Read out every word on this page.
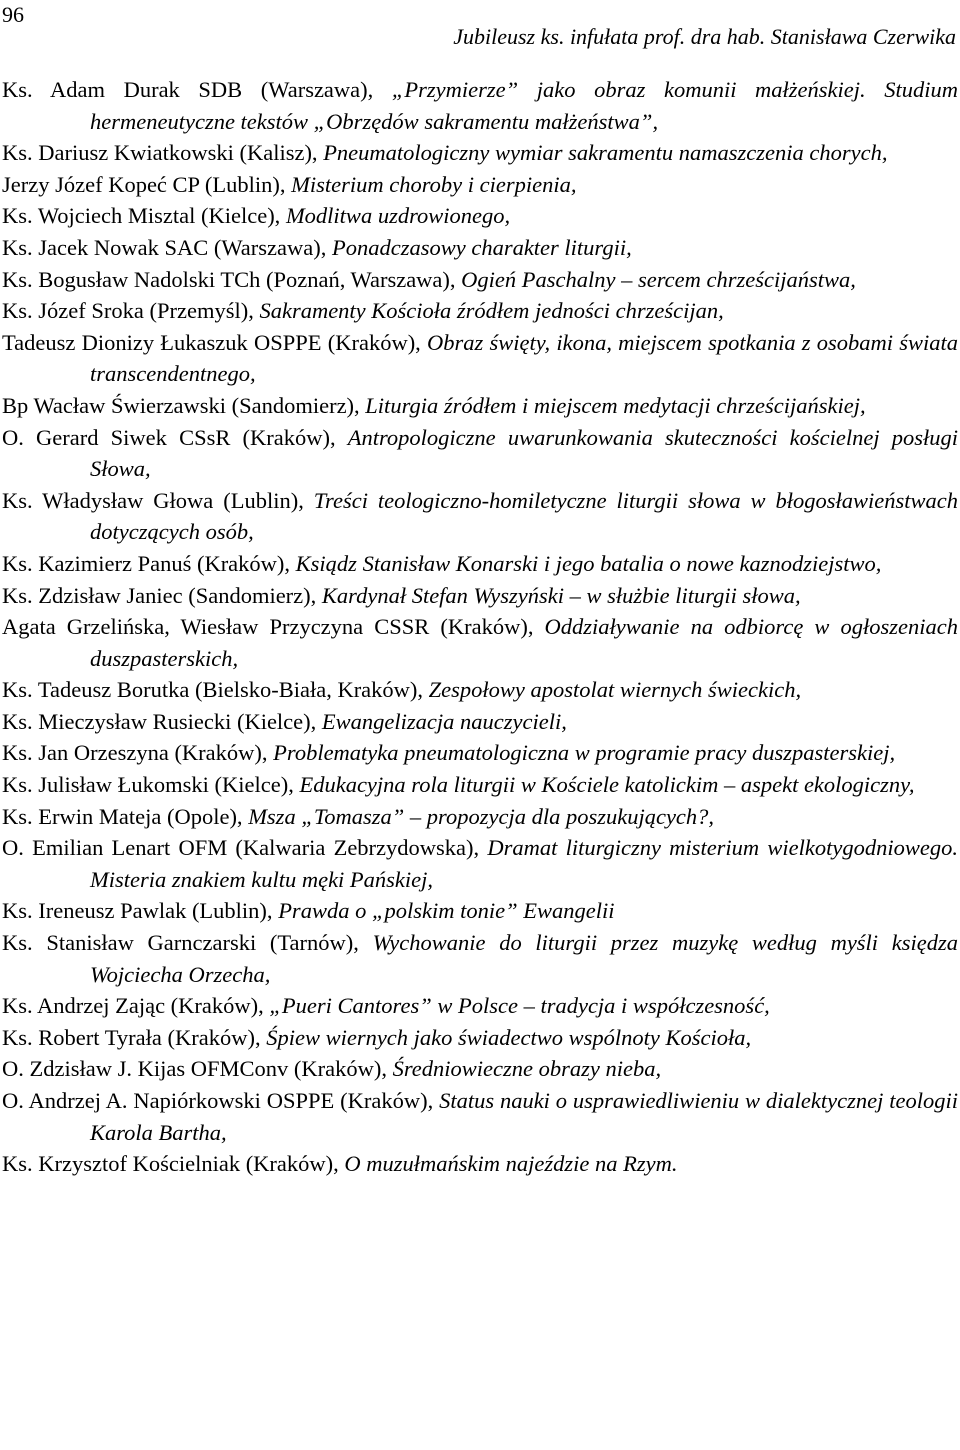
96
Jubileusz ks. infułata prof. dra hab. Stanisława Czerwika

Ks. Adam Durak SDB (Warszawa), „Przymierze” jako obraz komunii małżeńskiej. Studium hermeneutyczne tekstów „Obrzędów sakramentu małżeństwa”,

Ks. Dariusz Kwiatkowski (Kalisz), Pneumatologiczny wymiar sakramentu namaszczenia chorych,

Jerzy Józef Kopeć CP (Lublin), Misterium choroby i cierpienia,

Ks. Wojciech Misztal (Kielce), Modlitwa uzdrowionego,

Ks. Jacek Nowak SAC (Warszawa), Ponadczasowy charakter liturgii,

Ks. Bogusław Nadolski TCh (Poznań, Warszawa), Ogień Paschalny – sercem chrześcijaństwa,

Ks. Józef Sroka (Przemyśl), Sakramenty Kościoła źródłem jedności chrześcijan,

Tadeusz Dionizy Łukaszuk OSPPE (Kraków), Obraz święty, ikona, miejscem spotkania z osobami świata transcendentnego,

Bp Wacław Świerzawski (Sandomierz), Liturgia źródłem i miejscem medytacji chrześcijańskiej,

O. Gerard Siwek CSsR (Kraków), Antropologiczne uwarunkowania skuteczności kościelnej posługi Słowa,

Ks. Władysław Głowa (Lublin), Treści teologiczno-homiletyczne liturgii słowa w błogosławieństwach dotyczących osób,

Ks. Kazimierz Panuś (Kraków), Ksiądz Stanisław Konarski i jego batalia o nowe kaznodziejstwo,

Ks. Zdzisław Janiec (Sandomierz), Kardynał Stefan Wyszyński – w służbie liturgii słowa,

Agata Grzelińska, Wiesław Przyczyna CSSR (Kraków), Oddziaływanie na odbiorcę w ogłoszeniach duszpasterskich,

Ks. Tadeusz Borutka (Bielsko-Biała, Kraków), Zespołowy apostolat wiernych świeckich,

Ks. Mieczysław Rusiecki (Kielce), Ewangelizacja nauczycieli,

Ks. Jan Orzeszyna (Kraków), Problematyka pneumatologiczna w programie pracy duszpasterskiej,

Ks. Julisław Łukomski (Kielce), Edukacyjna rola liturgii w Kościele katolickim – aspekt ekologiczny,

Ks. Erwin Mateja (Opole), Msza „Tomasza” – propozycja dla poszukujących?,

O. Emilian Lenart OFM (Kalwaria Zebrzydowska), Dramat liturgiczny misterium wielkotygodniowego. Misteria znakiem kultu męki Pańskiej,

Ks. Ireneusz Pawlak (Lublin), Prawda o „polskim tonie” Ewangelii

Ks. Stanisław Garnczarski (Tarnów), Wychowanie do liturgii przez muzykę według myśli księdza Wojciecha Orzecha,

Ks. Andrzej Zając (Kraków), „Pueri Cantores” w Polsce – tradycja i współczesność,

Ks. Robert Tyrała (Kraków), Śpiew wiernych jako świadectwo wspólnoty Kościoła,

O. Zdzisław J. Kijas OFMConv (Kraków), Średniowieczne obrazy nieba,

O. Andrzej A. Napiórkowski OSPPE (Kraków), Status nauki o usprawiedliwieniu w dialektycznej teologii Karola Bartha,

Ks. Krzysztof Kościelniak (Kraków), O muzułmańskim najeździe na Rzym.
